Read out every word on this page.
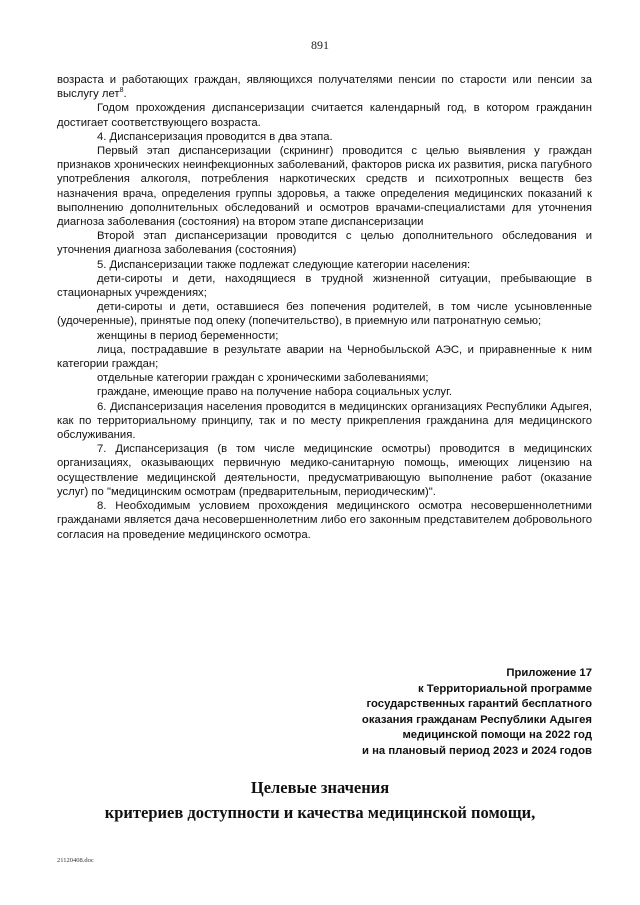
891

возраста и работающих граждан, являющихся получателями пенсии по старости или пенсии за выслугу лет$^8$.

Годом прохождения диспансеризации считается календарный год, в котором гражданин достигает соответствующего возраста.

4. Диспансеризация проводится в два этапа.

Первый этап диспансеризации (скрининг) проводится с целью выявления у граждан признаков хронических неинфекционных заболеваний, факторов риска их развития, риска пагубного употребления алкоголя, потребления наркотических средств и психотропных веществ без назначения врача, определения группы здоровья, а также определения медицинских показаний к выполнению дополнительных обследований и осмотров врачами-специалистами для уточнения диагноза заболевания (состояния) на втором этапе диспансеризации

Второй этап диспансеризации проводится с целью дополнительного обследования и уточнения диагноза заболевания (состояния)

5. Диспансеризации также подлежат следующие категории населения:

дети-сироты и дети, находящиеся в трудной жизненной ситуации, пребывающие в стационарных учреждениях;

дети-сироты и дети, оставшиеся без попечения родителей, в том числе усыновленные (удочеренные), принятые под опеку (попечительство), в приемную или патронатную семью;

женщины в период беременности;

лица, пострадавшие в результате аварии на Чернобыльской АЭС, и приравненные к ним категории граждан;

отдельные категории граждан с хроническими заболеваниями;

граждане, имеющие право на получение набора социальных услуг.

6. Диспансеризация населения проводится в медицинских организациях Республики Адыгея, как по территориальному принципу, так и по месту прикрепления гражданина для медицинского обслуживания.

7. Диспансеризация (в том числе медицинские осмотры) проводится в медицинских организациях, оказывающих первичную медико-санитарную помощь, имеющих лицензию на осуществление медицинской деятельности, предусматривающую выполнение работ (оказание услуг) по "медицинским осмотрам (предварительным, периодическим)".

8. Необходимым условием прохождения медицинского осмотра несовершеннолетними гражданами является дача несовершеннолетним либо его законным представителем добровольного согласия на проведение медицинского осмотра.

Приложение 17
к Территориальной программе
государственных гарантий бесплатного
оказания гражданам Республики Адыгея
медицинской помощи на 2022 год
и на плановый период 2023 и 2024 годов
Целевые значения
критериев доступности и качества медицинской помощи,
21120408.doc
